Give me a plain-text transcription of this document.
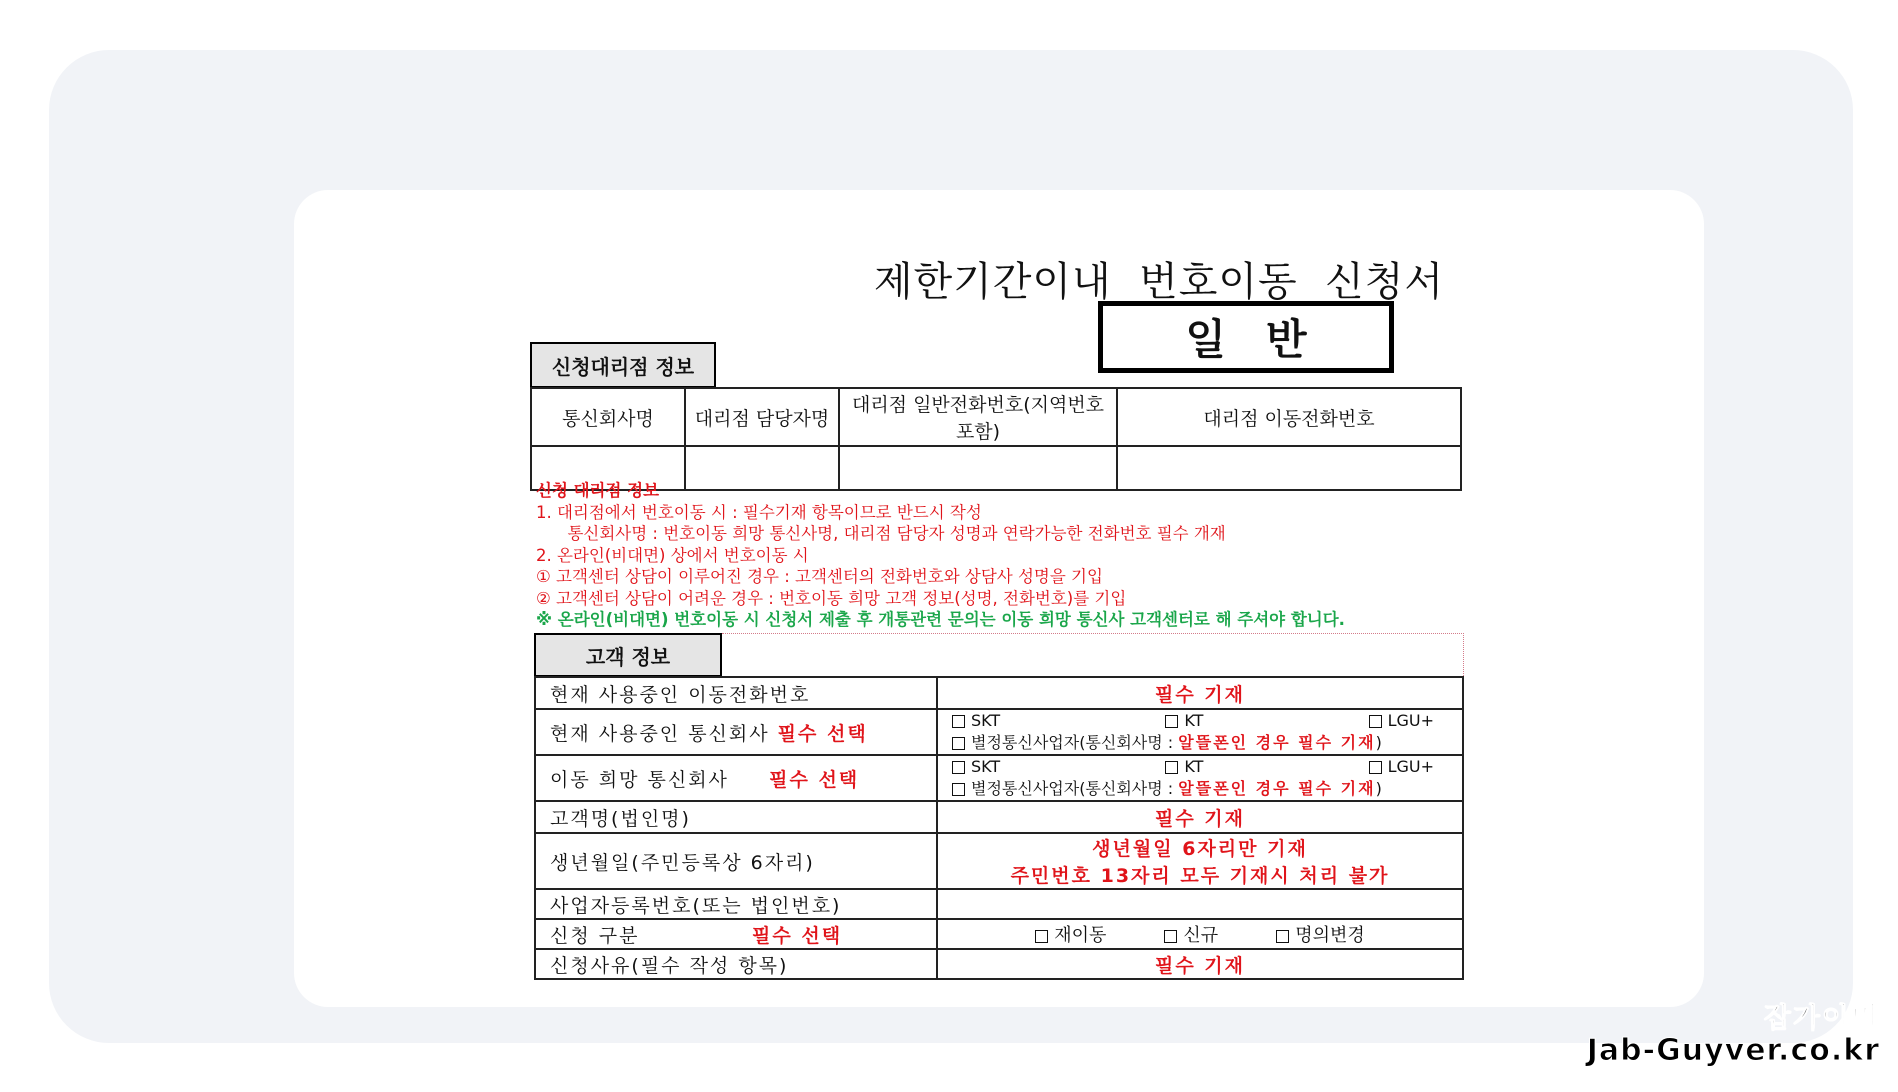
제한기간이내  번호이동  신청서
일반
신청대리점 정보
통신회사명	대리점 담당자명	대리점 일반전화번호(지역번호 포함)	대리점 이동전화번호

신청 대리점 정보
1. 대리점에서 번호이동 시 : 필수기재 항목이므로 반드시 작성
통신회사명 : 번호이동 희망 통신사명, 대리점 담당자 성명과 연락가능한 전화번호 필수 개재
2. 온라인(비대면) 상에서 번호이동 시
① 고객센터 상담이 이루어진 경우 : 고객센터의 전화번호와 상담사 성명을 기입
② 고객센터 상담이 어려운 경우 : 번호이동 희망 고객 정보(성명, 전화번호)를 기입
※ 온라인(비대면) 번호이동 시 신청서 제출 후 개통관련 문의는 이동 희망 통신사 고객센터로 해 주셔야 합니다.
고객 정보
현재 사용중인 이동전화번호	필수 기재
현재 사용중인 통신회사 필수 선택	SKT KT LGU+
별정통신사업자(통신회사명 : 알뜰폰인 경우 필수 기재)

이동 희망 통신회사 필수 선택	SKT KT LGU+
별정통신사업자(통신회사명 : 알뜰폰인 경우 필수 기재)

고객명(법인명)	필수 기재
생년월일(주민등록상 6자리)	생년월일 6자리만 기재
주민번호 13자리 모두 기재시 처리 불가

사업자등록번호(또는 법인번호)	
신청 구분 필수 선택	재이동 신규 명의변경

신청사유(필수 작성 항목)	필수 기재
잡가이버
Jab-Guyver.co.kr
